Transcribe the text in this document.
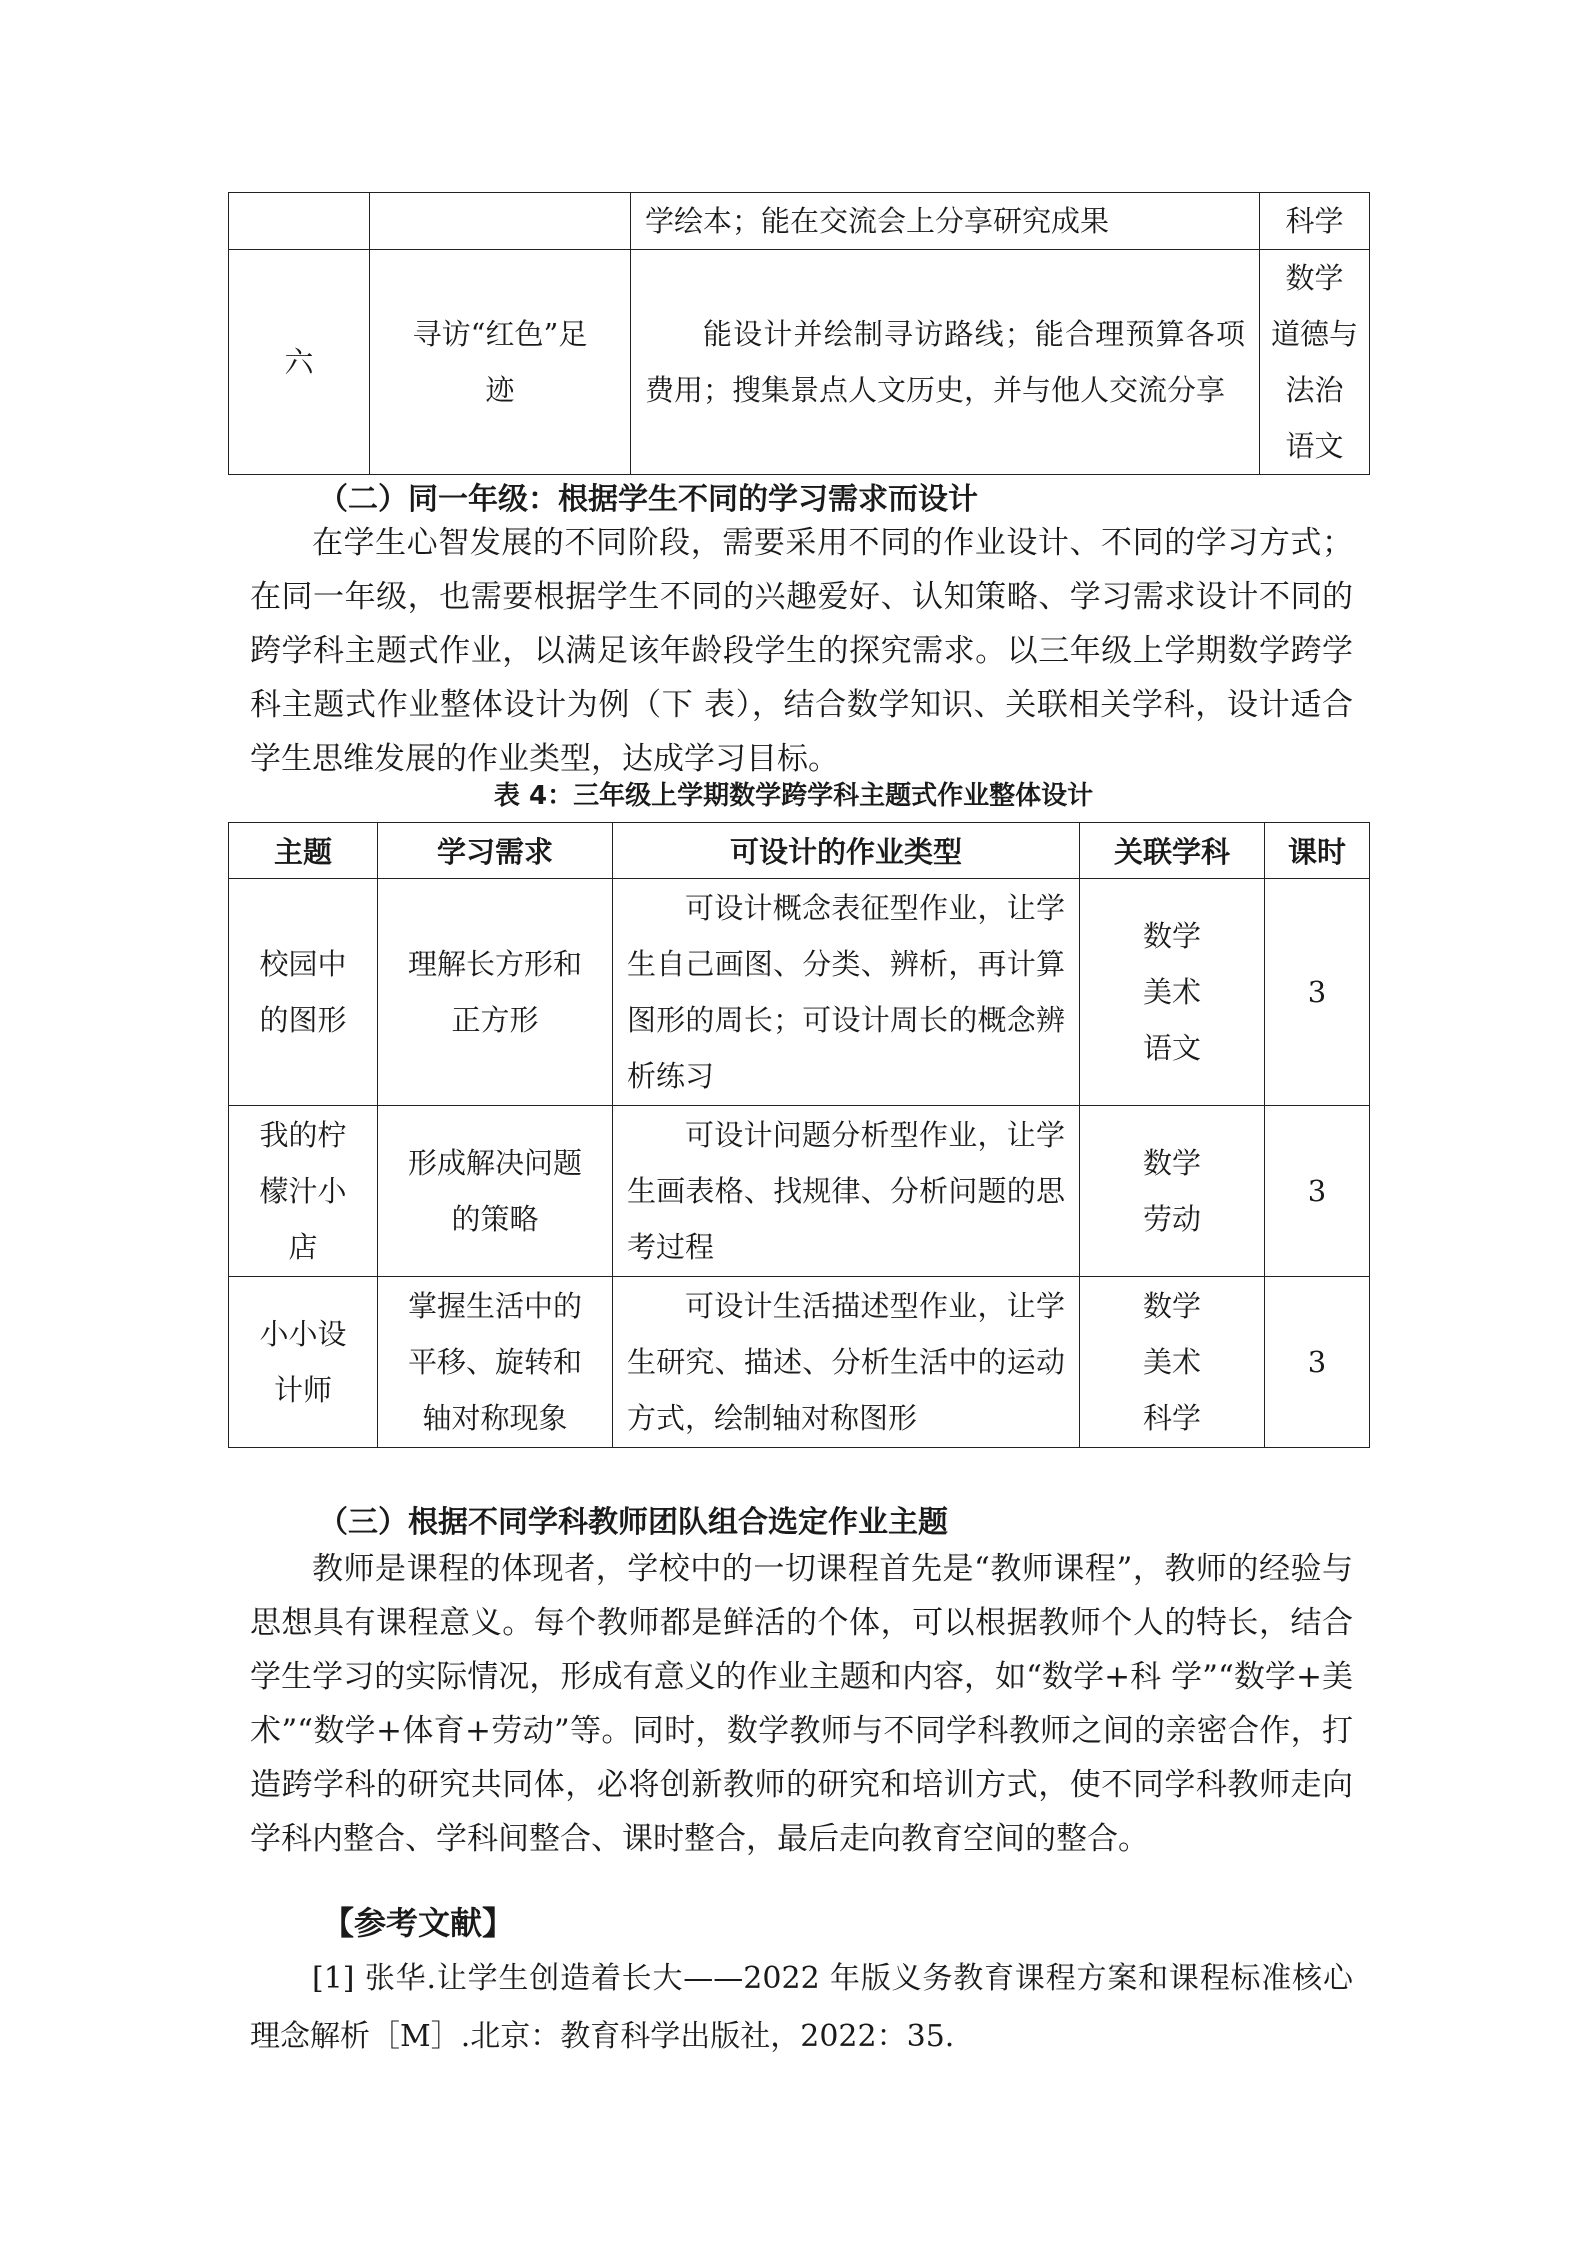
		学绘本；能在交流会上分享研究成果	科学

六	寻访“红色”足迹	能设计并绘制寻访路线；能合理预算各项费用；搜集景点人文历史，并与他人交流分享	数学
道德与法治
语文
（二）同一年级：根据学生不同的学习需求而设计

在学生心智发展的不同阶段，需要采用不同的作业设计、不同的学习方式；在同一年级，也需要根据学生不同的兴趣爱好、认知策略、学习需求设计不同的跨学科主题式作业，以满足该年龄段学生的探究需求。以三年级上学期数学跨学科主题式作业整体设计为例（下 表），结合数学知识、关联相关学科，设计适合学生思维发展的作业类型，达成学习目标。

表 4：三年级上学期数学跨学科主题式作业整体设计
主题	学习需求	可设计的作业类型	关联学科	课时
校园中的图形	理解长方形和正方形	可设计概念表征型作业，让学生自己画图、分类、辨析，再计算图形的周长；可设计周长的概念辨析练习	数学
美术
语文	3
我的柠檬汁小店	形成解决问题的策略	可设计问题分析型作业，让学生画表格、找规律、分析问题的思考过程	数学
劳动	3
小小设计师	掌握生活中的平移、旋转和轴对称现象	可设计生活描述型作业，让学生研究、描述、分析生活中的运动方式，绘制轴对称图形	数学
美术
科学	3
（三）根据不同学科教师团队组合选定作业主题

教师是课程的体现者，学校中的一切课程首先是“教师课程”，教师的经验与思想具有课程意义。每个教师都是鲜活的个体，可以根据教师个人的特长，结合学生学习的实际情况，形成有意义的作业主题和内容，如“数学+科 学”“数学+美术”“数学+体育+劳动”等。同时，数学教师与不同学科教师之间的亲密合作，打造跨学科的研究共同体，必将创新教师的研究和培训方式，使不同学科教师走向学科内整合、学科间整合、课时整合，最后走向教育空间的整合。

【参考文献】

[1] 张华.让学生创造着长大——2022 年版义务教育课程方案和课程标准核心理念解析［M］.北京：教育科学出版社，2022：35.
